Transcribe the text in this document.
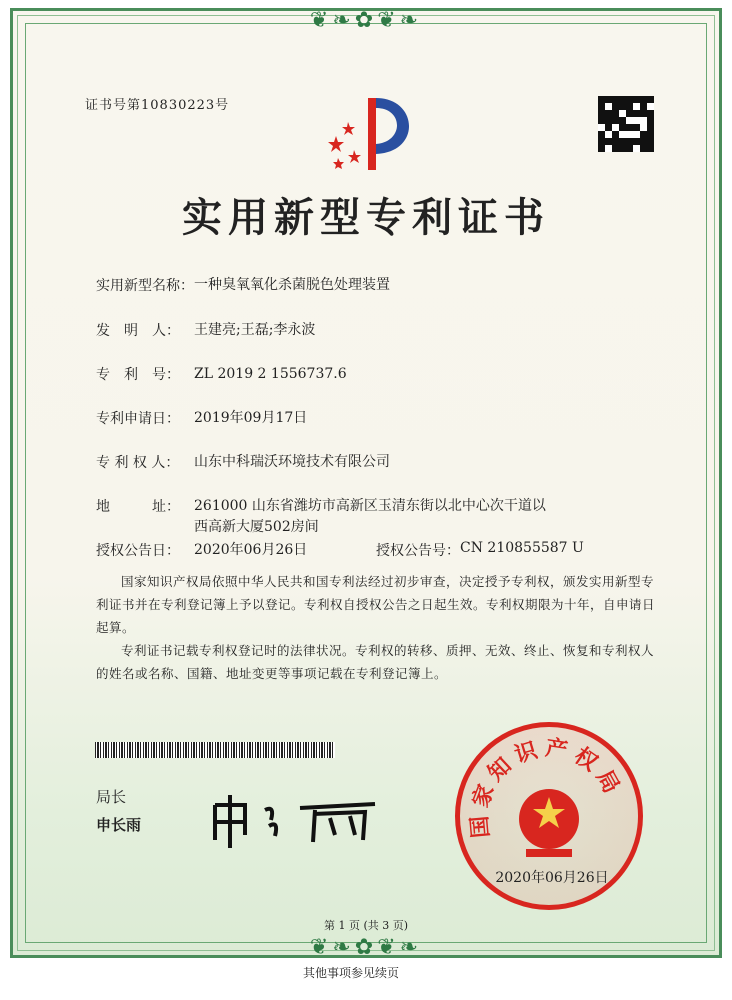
❦❧✿❦❧
❦❧✿❦❧
证书号第10830223号
实用新型专利证书
实用新型名称： 一种臭氧氧化杀菌脱色处理装置
发　明　人：	王建亮;王磊;李永波
专　利　号：	ZL 2019 2 1556737.6
专利申请日：	2019年09月17日
专 利 权 人：	山东中科瑞沃环境技术有限公司
地　　　址：	261000 山东省潍坊市高新区玉清东街以北中心次干道以
西高新大厦502房间
授权公告日：	2020年06月26日	授权公告号： CN 210855587 U
国家知识产权局依照中华人民共和国专利法经过初步审查，决定授予专利权，颁发实用新型专利证书并在专利登记簿上予以登记。专利权自授权公告之日起生效。专利权期限为十年，自申请日起算。
专利证书记载专利权登记时的法律状况。专利权的转移、质押、无效、终止、恢复和专利权人的姓名或名称、国籍、地址变更等事项记载在专利登记簿上。
局长
申长雨	国家知识产权局
2020年06月26日
第 1 页 (共 3 页)
其他事项参见续页
